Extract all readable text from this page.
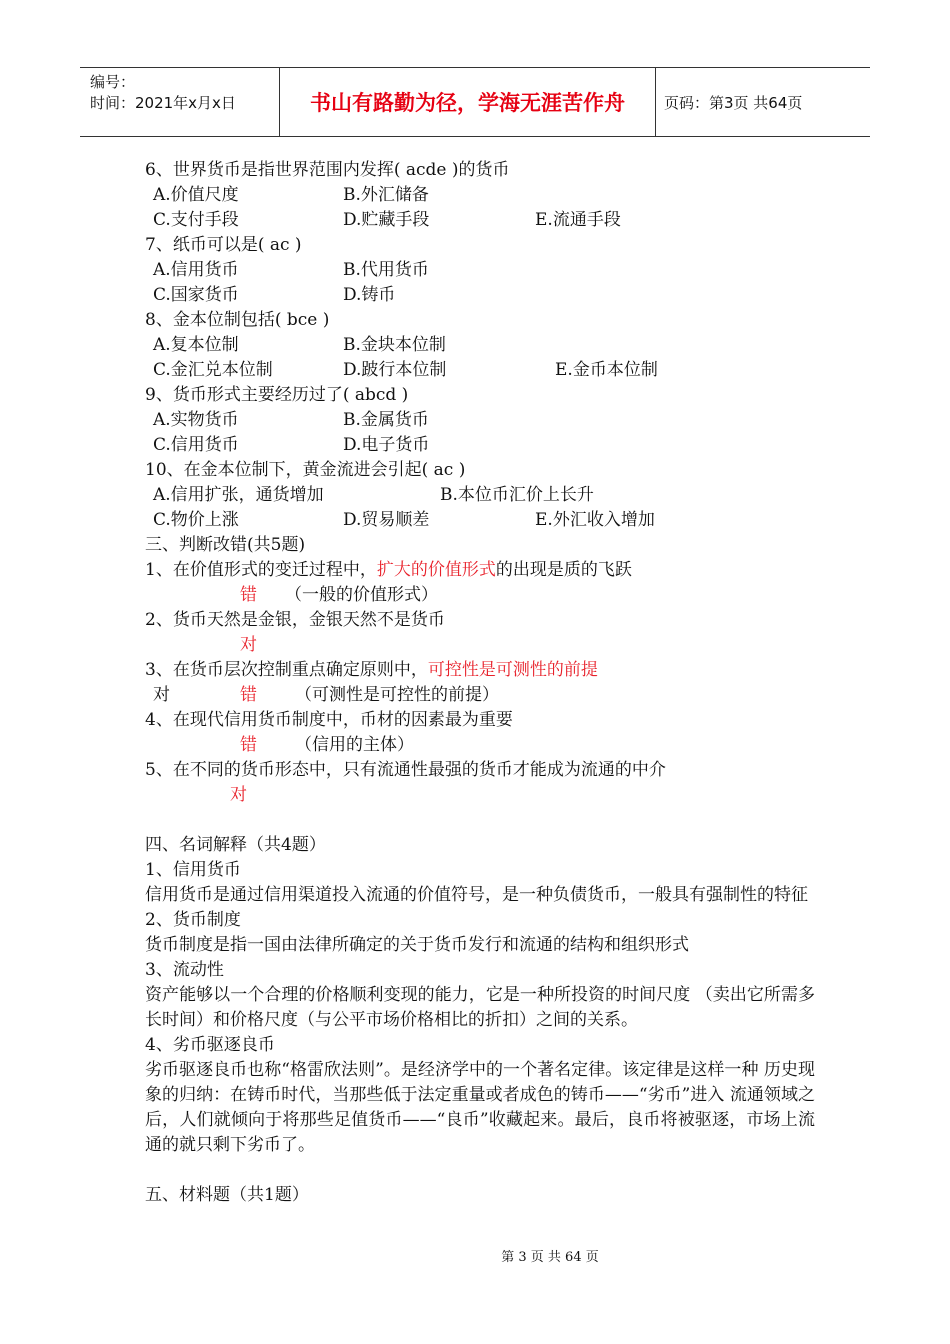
编号：
时间：2021年x月x日	书山有路勤为径，学海无涯苦作舟	页码：第3页 共64页
6、世界货币是指世界范围内发挥( acde )的货币
A.价值尺度	B.外汇储备
C.支付手段	D.贮藏手段	E.流通手段
7、纸币可以是( ac )
A.信用货币	B.代用货币
C.国家货币	D.铸币
8、金本位制包括( bce )
A.复本位制	B.金块本位制
C.金汇兑本位制	D.跛行本位制	E.金币本位制
9、货币形式主要经历过了( abcd )
A.实物货币	B.金属货币
C.信用货币	D.电子货币
10、在金本位制下，黄金流进会引起( ac )
A.信用扩张，通货增加	B.本位币汇价上长升
C.物价上涨	D.贸易顺差	E.外汇收入增加
三、判断改错(共5题)
1、在价值形式的变迁过程中，扩大的价值形式的出现是质的飞跃
错 （一般的价值形式）
2、货币天然是金银，金银天然不是货币
对
3、在货币层次控制重点确定原则中，可控性是可测性的前提
对	错 （可测性是可控性的前提）
4、在现代信用货币制度中，币材的因素最为重要
错 （信用的主体）
5、在不同的货币形态中，只有流通性最强的货币才能成为流通的中介
对
四、名词解释（共4题）
1、信用货币
信用货币是通过信用渠道投入流通的价值符号，是一种负债货币，一般具有强制性的特征
2、货币制度
货币制度是指一国由法律所确定的关于货币发行和流通的结构和组织形式
3、流动性
资产能够以一个合理的价格顺利变现的能力，它是一种所投资的时间尺度 （卖出它所需多长时间）和价格尺度（与公平市场价格相比的折扣）之间的关系。
4、劣币驱逐良币
劣币驱逐良币也称“格雷欣法则”。是经济学中的一个著名定律。该定律是这样一种 历史现象的归纳：在铸币时代，当那些低于法定重量或者成色的铸币——“劣币”进入 流通领域之后，人们就倾向于将那些足值货币——“良币”收藏起来。最后，良币将被驱逐，市场上流通的就只剩下劣币了。
五、材料题（共1题）
第 3 页 共 64 页
